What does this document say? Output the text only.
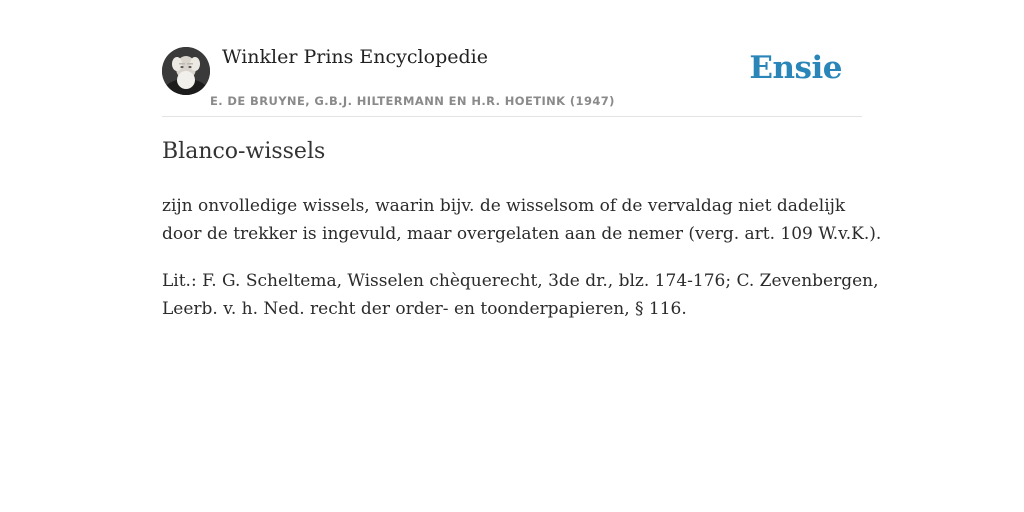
Winkler Prins Encyclopedie
E. DE BRUYNE, G.B.J. HILTERMANN EN H.R. HOETINK (1947)
Ensie
Blanco-wissels

zijn onvolledige wissels, waarin bijv. de wisselsom of de vervaldag niet dadelijk
door de trekker is ingevuld, maar overgelaten aan de nemer (verg. art. 109 W.v.K.).

Lit.: F. G. Scheltema, Wisselen chèquerecht, 3de dr., blz. 174-176; C. Zevenbergen,
Leerb. v. h. Ned. recht der order- en toonderpapieren, § 116.
